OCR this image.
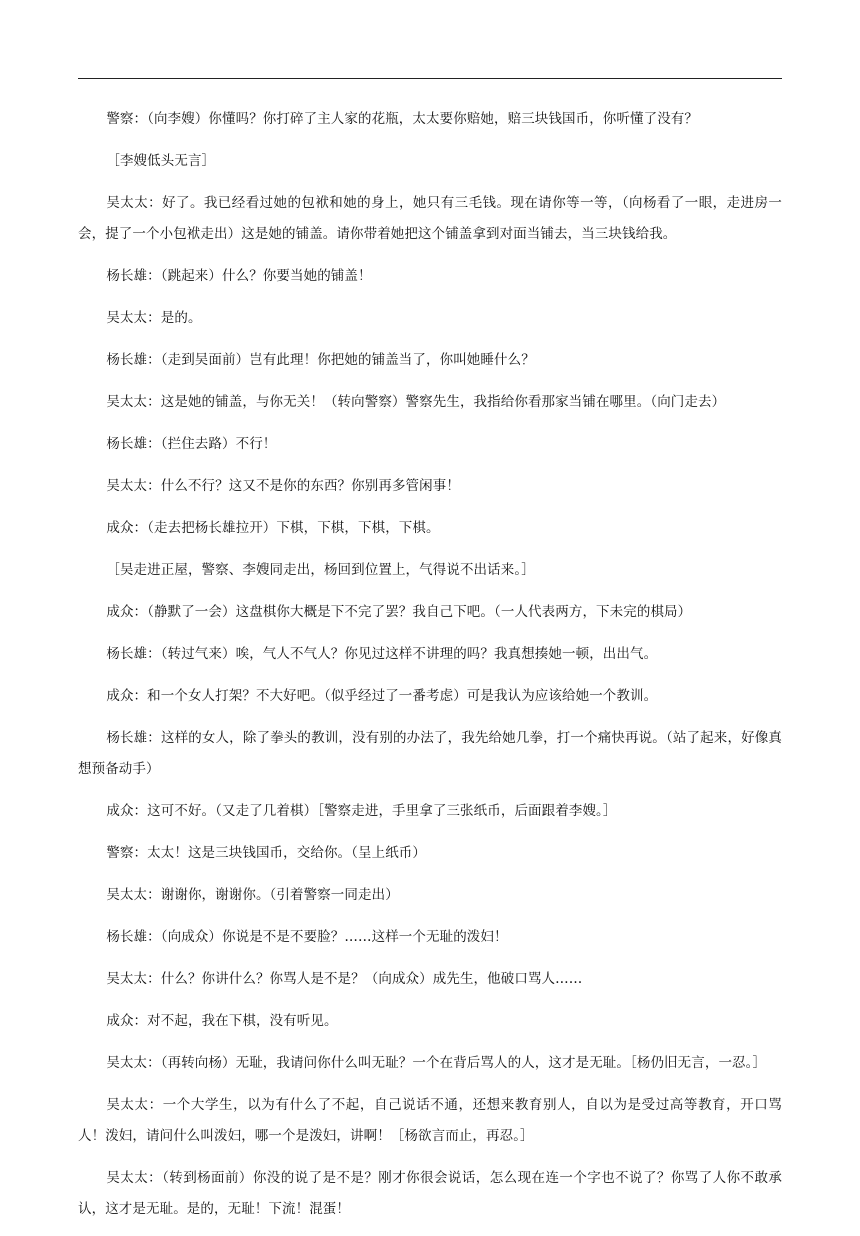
警察：（向李嫂）你懂吗？你打碎了主人家的花瓶，太太要你赔她，赔三块钱国币，你听懂了没有？

［李嫂低头无言］

吴太太：好了。我已经看过她的包袱和她的身上，她只有三毛钱。现在请你等一等，（向杨看了一眼，走进房一会，提了一个小包袱走出）这是她的铺盖。请你带着她把这个铺盖拿到对面当铺去，当三块钱给我。

杨长雄：（跳起来）什么？你要当她的铺盖！

吴太太：是的。

杨长雄：（走到吴面前）岂有此理！你把她的铺盖当了，你叫她睡什么？

吴太太：这是她的铺盖，与你无关！（转向警察）警察先生，我指给你看那家当铺在哪里。（向门走去）

杨长雄：（拦住去路）不行！

吴太太：什么不行？这又不是你的东西？你别再多管闲事！

成众：（走去把杨长雄拉开）下棋，下棋，下棋，下棋。

［吴走进正屋，警察、李嫂同走出，杨回到位置上，气得说不出话来。］

成众：（静默了一会）这盘棋你大概是下不完了罢？我自己下吧。（一人代表两方，下未完的棋局）

杨长雄：（转过气来）唉，气人不气人？你见过这样不讲理的吗？我真想揍她一顿，出出气。

成众：和一个女人打架？不大好吧。（似乎经过了一番考虑）可是我认为应该给她一个教训。

杨长雄：这样的女人，除了拳头的教训，没有别的办法了，我先给她几拳，打一个痛快再说。（站了起来，好像真想预备动手）

成众：这可不好。（又走了几着棋）［警察走进，手里拿了三张纸币，后面跟着李嫂。］

警察：太太！这是三块钱国币，交给你。（呈上纸币）

吴太太：谢谢你，谢谢你。（引着警察一同走出）

杨长雄：（向成众）你说是不是不要脸？……这样一个无耻的泼妇！

吴太太：什么？你讲什么？你骂人是不是？（向成众）成先生，他破口骂人……

成众：对不起，我在下棋，没有听见。

吴太太：（再转向杨）无耻，我请问你什么叫无耻？一个在背后骂人的人，这才是无耻。［杨仍旧无言，一忍。］

吴太太：一个大学生，以为有什么了不起，自己说话不通，还想来教育别人，自以为是受过高等教育，开口骂人！泼妇，请问什么叫泼妇，哪一个是泼妇，讲啊！［杨欲言而止，再忍。］

吴太太：（转到杨面前）你没的说了是不是？刚才你很会说话，怎么现在连一个字也不说了？你骂了人你不敢承认，这才是无耻。是的，无耻！下流！混蛋！
